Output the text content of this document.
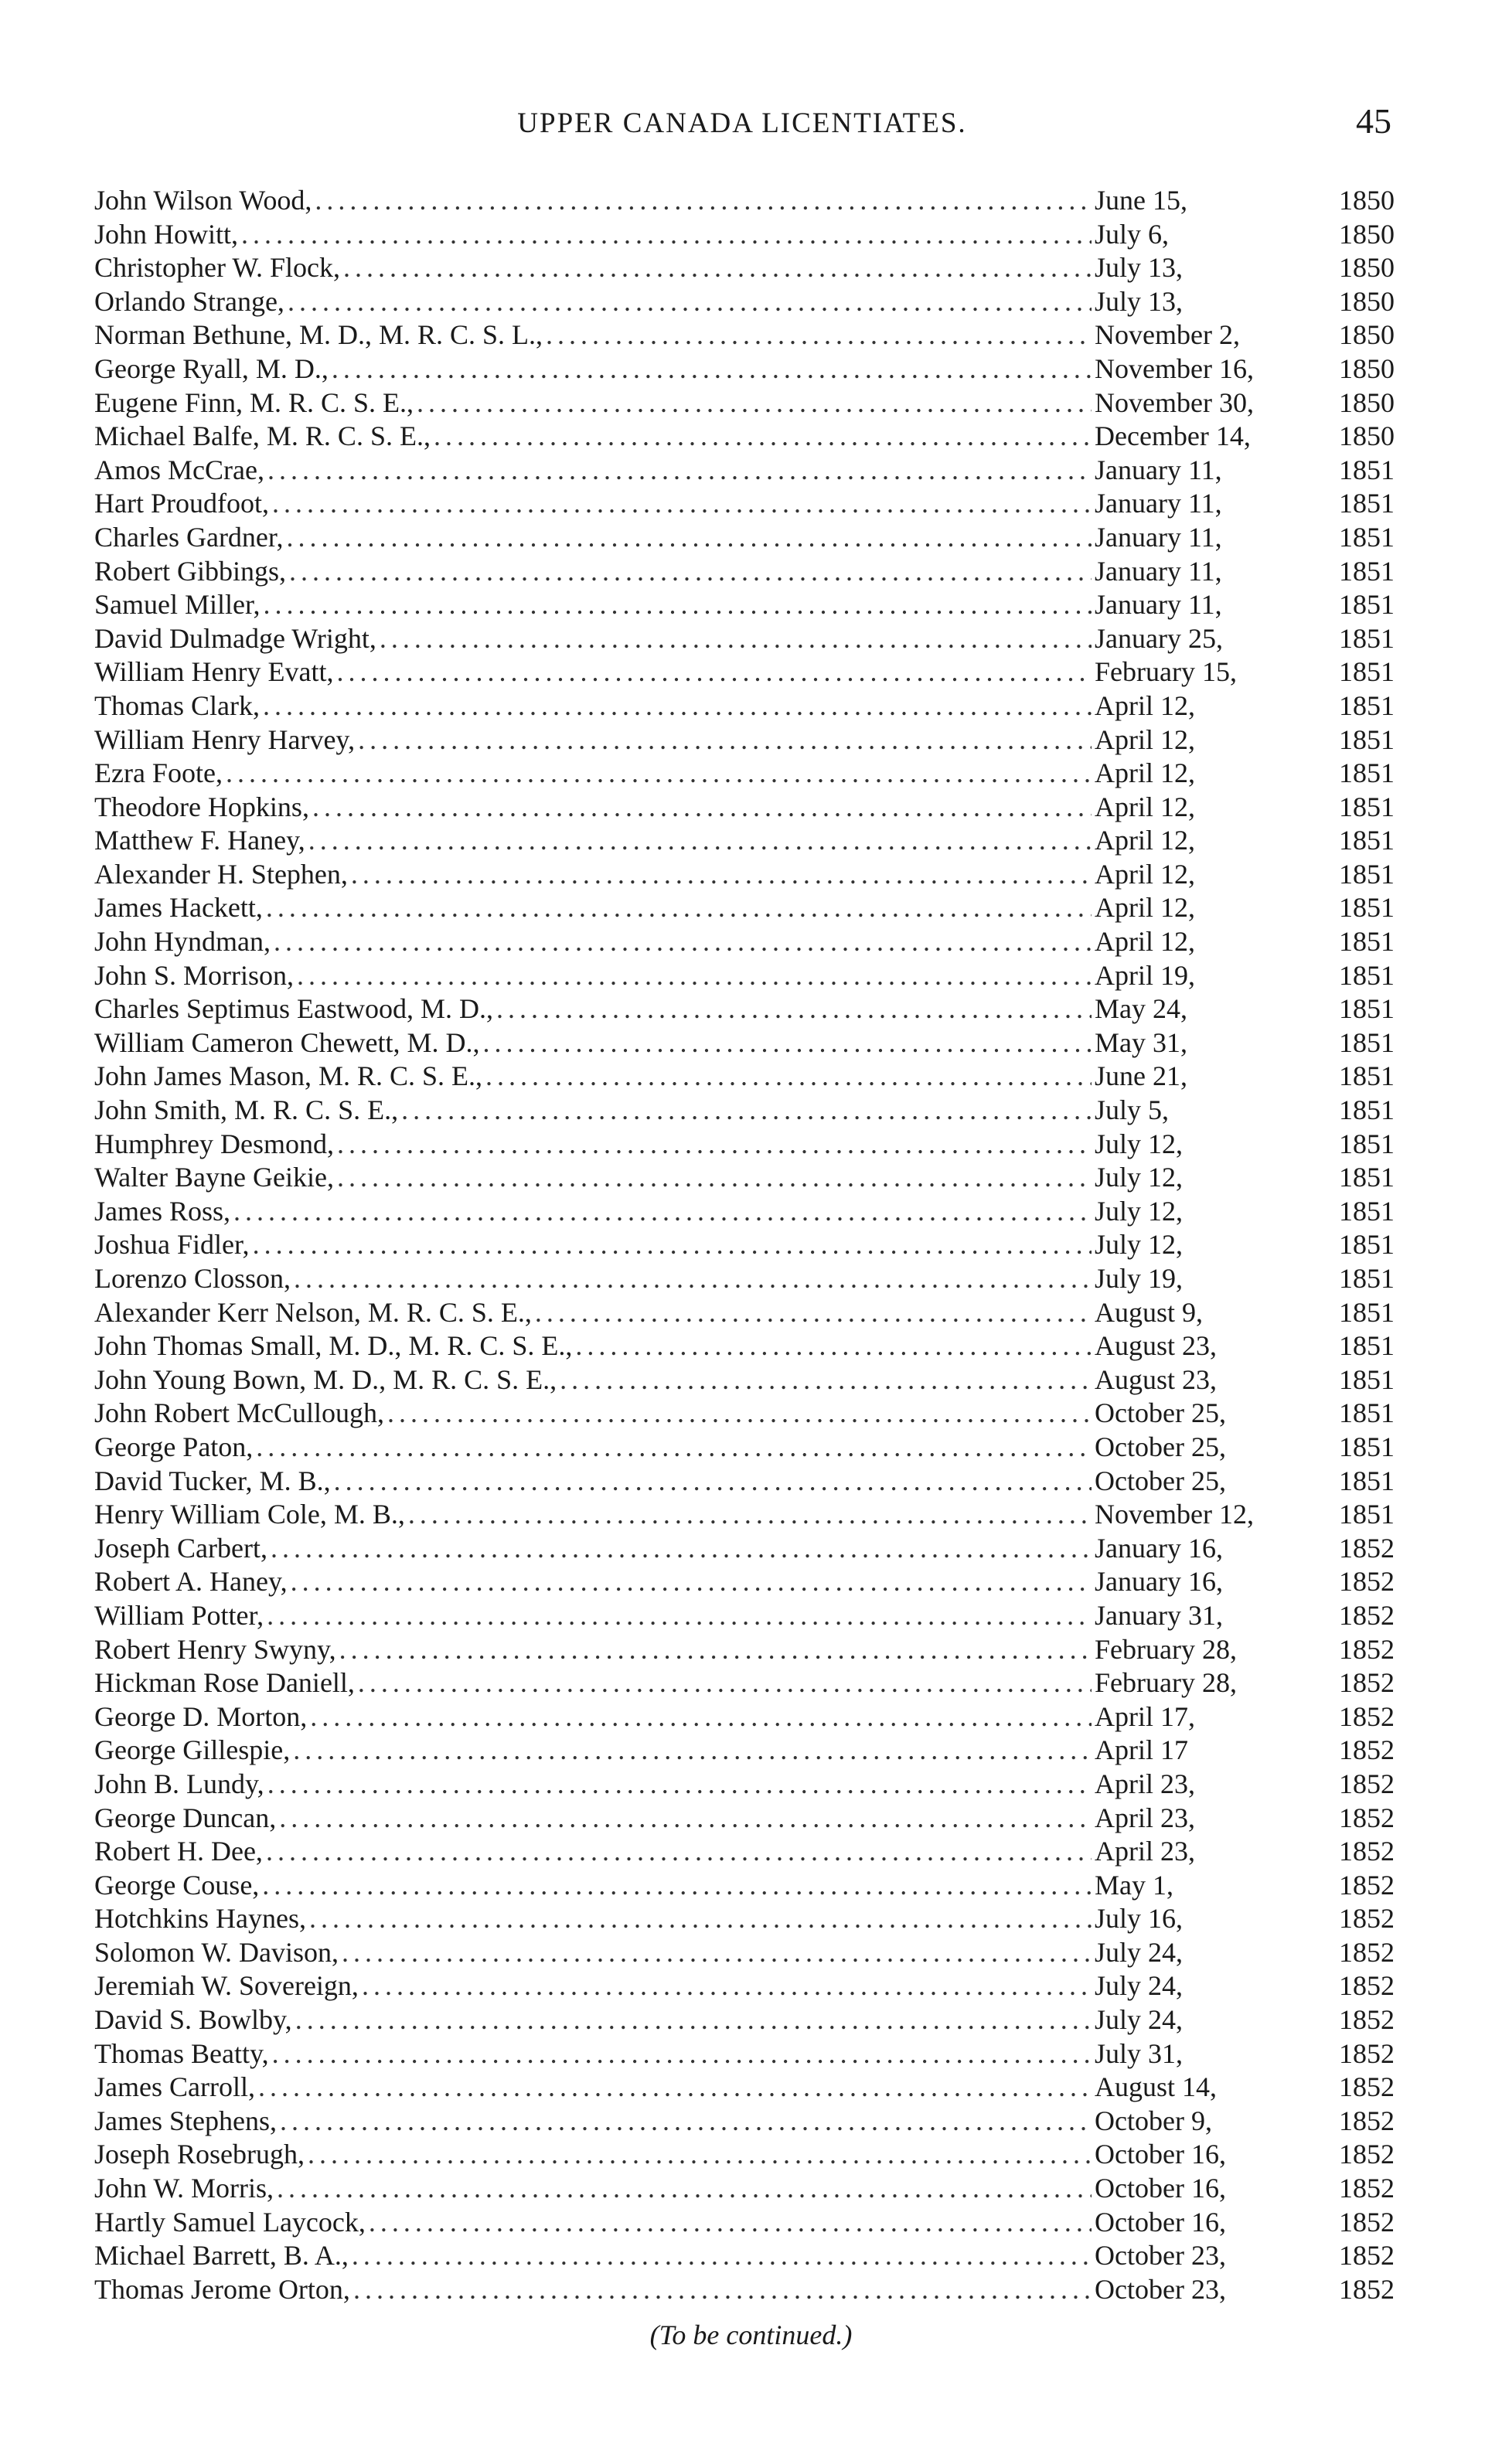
UPPER CANADA LICENTIATES.	45
John Wilson Wood, .....	June 15,	1850
John Howitt, .....	July 6,	1850
Christopher W. Flock, .....	July 13,	1850
Orlando Strange, .....	July 13,	1850
Norman Bethune, M. D., M. R. C. S. L., .....	November 2,	1850
George Ryall, M. D., .....	November 16,	1850
Eugene Finn, M. R. C. S. E., .....	November 30,	1850
Michael Balfe, M. R. C. S. E., .....	December 14,	1850
Amos McCrae, .....	January 11,	1851
Hart Proudfoot, .....	January 11,	1851
Charles Gardner, .....	January 11,	1851
Robert Gibbings, .....	January 11,	1851
Samuel Miller, .....	January 11,	1851
David Dulmadge Wright, .....	January 25,	1851
William Henry Evatt, .....	February 15,	1851
Thomas Clark, .....	April 12,	1851
William Henry Harvey, .....	April 12,	1851
Ezra Foote, .....	April 12,	1851
Theodore Hopkins, .....	April 12,	1851
Matthew F. Haney, .....	April 12,	1851
Alexander H. Stephen, .....	April 12,	1851
James Hackett, .....	April 12,	1851
John Hyndman, .....	April 12,	1851
John S. Morrison, .....	April 19,	1851
Charles Septimus Eastwood, M. D., .....	May 24,	1851
William Cameron Chewett, M. D., .....	May 31,	1851
John James Mason, M. R. C. S. E., .....	June 21,	1851
John Smith, M. R. C. S. E., .....	July 5,	1851
Humphrey Desmond, .....	July 12,	1851
Walter Bayne Geikie, .....	July 12,	1851
James Ross, .....	July 12,	1851
Joshua Fidler, .....	July 12,	1851
Lorenzo Closson, .....	July 19,	1851
Alexander Kerr Nelson, M. R. C. S. E., .....	August 9,	1851
John Thomas Small, M. D., M. R. C. S. E., .....	August 23,	1851
John Young Bown, M. D., M. R. C. S. E., .....	August 23,	1851
John Robert McCullough, .....	October 25,	1851
George Paton, .....	October 25,	1851
David Tucker, M. B., .....	October 25,	1851
Henry William Cole, M. B., .....	November 12,	1851
Joseph Carbert, .....	January 16,	1852
Robert A. Haney, .....	January 16,	1852
William Potter, .....	January 31,	1852
Robert Henry Swyny, .....	February 28,	1852
Hickman Rose Daniell, .....	February 28,	1852
George D. Morton, .....	April 17,	1852
George Gillespie, .....	April 17	1852
John B. Lundy, .....	April 23,	1852
George Duncan, .....	April 23,	1852
Robert H. Dee, .....	April 23,	1852
George Couse, .....	May 1,	1852
Hotchkins Haynes, .....	July 16,	1852
Solomon W. Davison, .....	July 24,	1852
Jeremiah W. Sovereign, .....	July 24,	1852
David S. Bowlby, .....	July 24,	1852
Thomas Beatty, .....	July 31,	1852
James Carroll, .....	August 14,	1852
James Stephens, .....	October 9,	1852
Joseph Rosebrugh, .....	October 16,	1852
John W. Morris, .....	October 16,	1852
Hartly Samuel Laycock, .....	October 16,	1852
Michael Barrett, B. A., .....	October 23,	1852
Thomas Jerome Orton, .....	October 23,	1852
(To be continued.)
